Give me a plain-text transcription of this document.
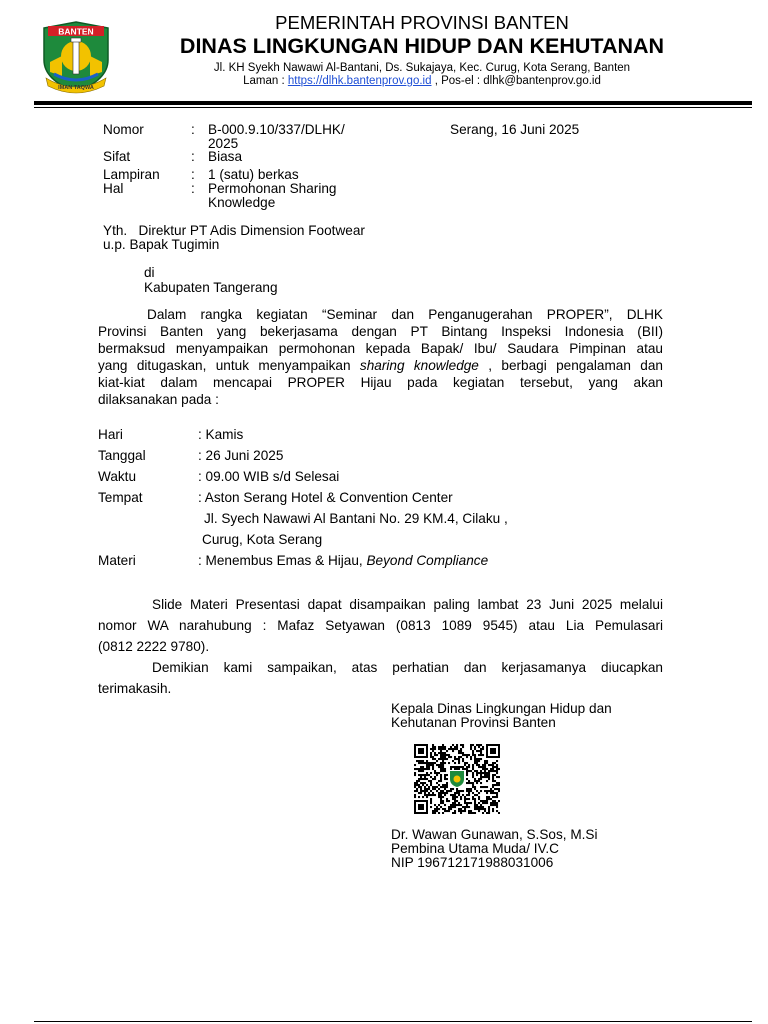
BANTEN
IMAN TAQWA
PEMERINTAH PROVINSI BANTEN
DINAS LINGKUNGAN HIDUP DAN KEHUTANAN
Jl. KH Syekh Nawawi Al-Bantani, Ds. Sukajaya, Kec. Curug, Kota Serang, Banten
Laman : https://dlhk.bantenprov.go.id , Pos-el : dlhk@bantenprov.go.id
Nomor	: B-000.9.10/337/DLHK/
2025
Serang, 16 Juni 2025
Sifat	: Biasa
Lampiran : 1 (satu) berkas
Hal	: Permohonan Sharing
Knowledge
Yth.   Direktur PT Adis Dimension Footwear
u.p. Bapak Tugimin
di
Kabupaten Tangerang
Dalam rangka kegiatan “Seminar dan Penganugerahan PROPER”, DLHK
Provinsi Banten yang bekerjasama dengan PT Bintang Inspeksi Indonesia (BII)
bermaksud menyampaikan permohonan kepada Bapak/ Ibu/ Saudara Pimpinan atau
yang ditugaskan, untuk menyampaikan sharing knowledge , berbagi pengalaman dan
kiat-kiat dalam mencapai PROPER Hijau pada kegiatan tersebut, yang akan
dilaksanakan pada :
Hari	: Kamis
Tanggal	: 26 Juni 2025
Waktu	: 09.00 WIB s/d Selesai
Tempat	: Aston Serang Hotel & Convention Center
Jl. Syech Nawawi Al Bantani No. 29 KM.4, Cilaku ,
Curug, Kota Serang
Materi	: Menembus Emas & Hijau, Beyond Compliance
Slide Materi Presentasi dapat disampaikan paling lambat 23 Juni 2025 melalui
nomor WA narahubung : Mafaz Setyawan (0813 1089 9545) atau Lia Pemulasari
(0812 2222 9780).
Demikian kami sampaikan, atas perhatian dan kerjasamanya diucapkan
terimakasih.
Kepala Dinas Lingkungan Hidup dan
Kehutanan Provinsi Banten
Dr. Wawan Gunawan, S.Sos, M.Si
Pembina Utama Muda/ IV.C
NIP 196712171988031006
